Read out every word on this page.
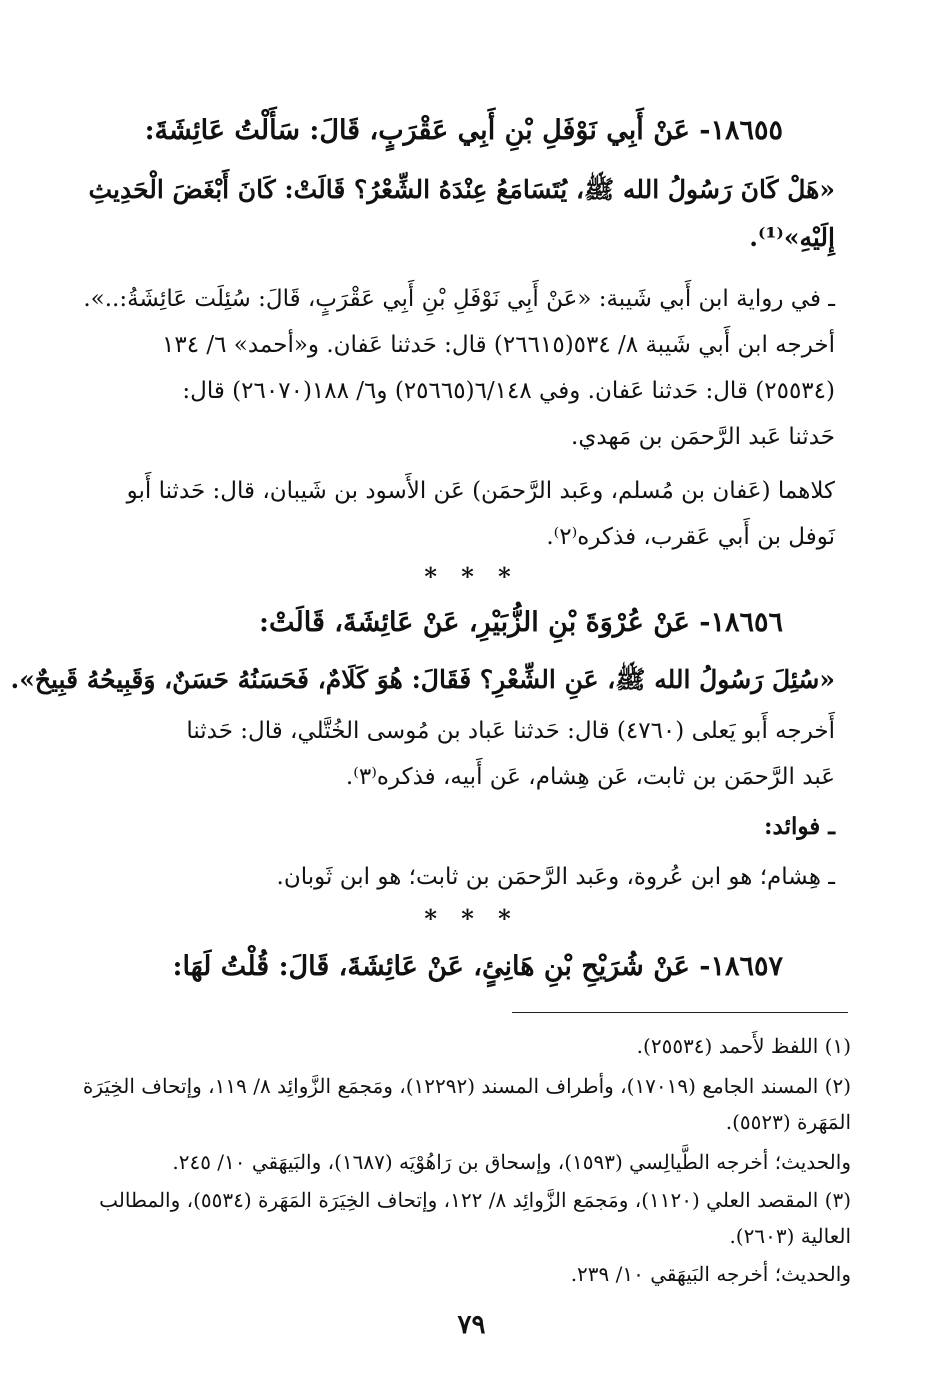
١٨٦٥٥- عَنْ أَبِي نَوْفَلِ بْنِ أَبِي عَقْرَبٍ، قَالَ: سَأَلْتُ عَائِشَةَ:
«هَلْ كَانَ رَسُولُ الله ﷺ، يُتَسَامَعُ عِنْدَهُ الشِّعْرُ؟ قَالَتْ: كَانَ أَبْغَضَ الْحَدِيثِ
إِلَيْهِ»⁽¹⁾.
ـ في رواية ابن أَبي شَيبة: «عَنْ أَبِي نَوْفَلِ بْنِ أَبِي عَقْرَبٍ، قَالَ: سُئِلَت عَائِشَةُ:..».
أخرجه ابن أَبي شَيبة ٨/ ٥٣٤(٢٦٦١٥) قال: حَدثنا عَفان. و«أحمد» ٦/ ١٣٤
(٢٥٥٣٤) قال: حَدثنا عَفان. وفي ٦/١٤٨(٢٥٦٦٥) و٦/ ١٨٨(٢٦٠٧٠) قال:
حَدثنا عَبد الرَّحمَن بن مَهدي.
كلاهما (عَفان بن مُسلم، وعَبد الرَّحمَن) عَن الأَسود بن شَيبان، قال: حَدثنا أَبو
نَوفل بن أَبي عَقرب، فذكره⁽٢⁾.
* * *
١٨٦٥٦- عَنْ عُرْوَةَ بْنِ الزُّبَيْرِ، عَنْ عَائِشَةَ، قَالَتْ:
«سُئِلَ رَسُولُ الله ﷺ، عَنِ الشِّعْرِ؟ فَقَالَ: هُوَ كَلَامٌ، فَحَسَنُهُ حَسَنٌ، وَقَبِيحُهُ قَبِيحٌ».
أَخرجه أَبو يَعلى (٤٧٦٠) قال: حَدثنا عَباد بن مُوسى الخُتَّلي، قال: حَدثنا
عَبد الرَّحمَن بن ثابت، عَن هِشام، عَن أَبيه، فذكره⁽٣⁾.
ـ فوائد:
ـ هِشام؛ هو ابن عُروة، وعَبد الرَّحمَن بن ثابت؛ هو ابن ثَوبان.
* * *
١٨٦٥٧- عَنْ شُرَيْحِ بْنِ هَانِئٍ، عَنْ عَائِشَةَ، قَالَ: قُلْتُ لَهَا:
(١) اللفظ لأَحمد (٢٥٥٣٤).
(٢) المسند الجامع (١٧٠١٩)، وأطراف المسند (١٢٢٩٢)، ومَجمَع الزَّوائِد ٨/ ١١٩، وإتحاف الخِيَرَة
المَهَرة (٥٥٢٣).
والحديث؛ أخرجه الطَّيالِسي (١٥٩٣)، وإسحاق بن رَاهُوْيَه (١٦٨٧)، والبَيهَقي ١٠/ ٢٤٥.
(٣) المقصد العلي (١١٢٠)، ومَجمَع الزَّوائِد ٨/ ١٢٢، وإتحاف الخِيَرَة المَهَرة (٥٥٣٤)، والمطالب
العالية (٢٦٠٣).
والحديث؛ أخرجه البَيهَقي ١٠/ ٢٣٩.
٧٩
